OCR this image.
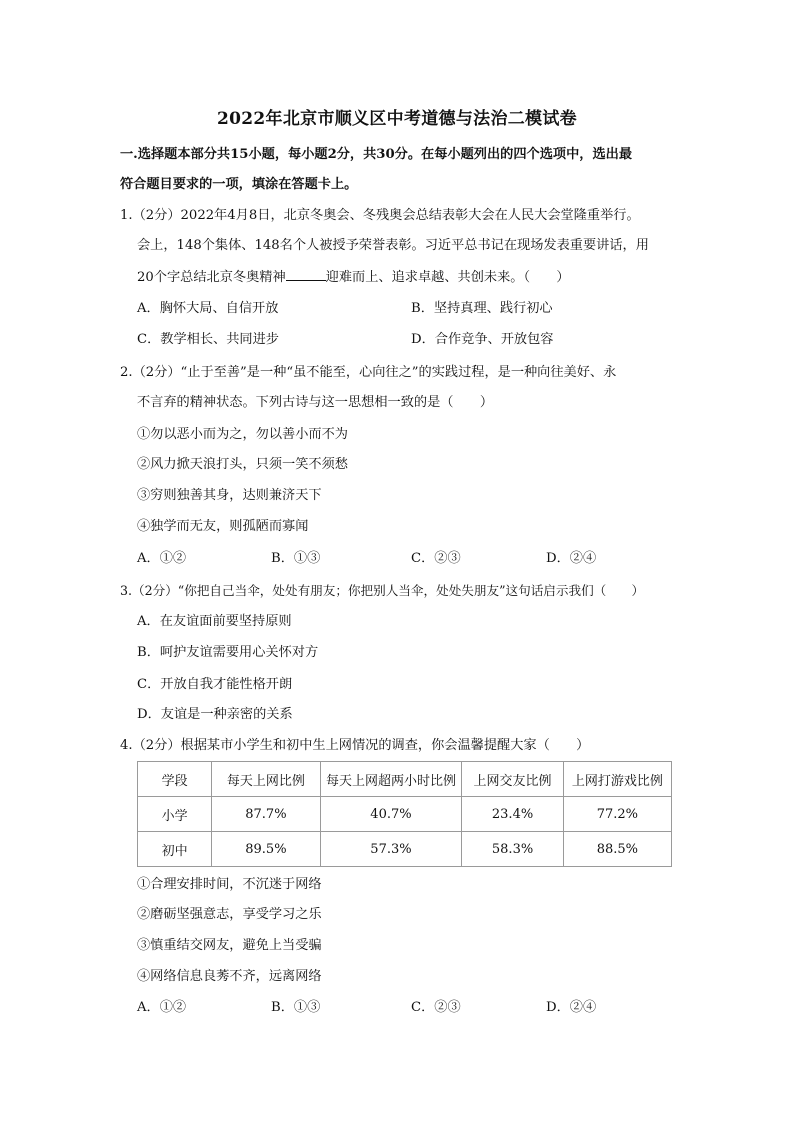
2022年北京市顺义区中考道德与法治二模试卷
一.选择题本部分共15小题，每小题2分，共30分。在每小题列出的四个选项中，选出最
符合题目要求的一项，填涂在答题卡上。
1.（2分）2022年4月8日，北京冬奥会、冬残奥会总结表彰大会在人民大会堂隆重举行。
会上，148个集体、148名个人被授予荣誉表彰。习近平总书记在现场发表重要讲话，用
20个字总结北京冬奥精神	迎难而上、追求卓越、共创未来。（　　）
A．胸怀大局、自信开放	B．坚持真理、践行初心
C．教学相长、共同进步	D．合作竞争、开放包容
2.（2分）“止于至善”是一种“虽不能至，心向往之”的实践过程，是一种向往美好、永
不言弃的精神状态。下列古诗与这一思想相一致的是（　　）
①勿以恶小而为之，勿以善小而不为
②风力掀天浪打头，只须一笑不须愁
③穷则独善其身，达则兼济天下
④独学而无友，则孤陋而寡闻
A．①②	B．①③	C．②③	D．②④
3.（2分）“你把自己当伞，处处有朋友；你把别人当伞，处处失朋友”这句话启示我们（　　）
A．在友谊面前要坚持原则
B．呵护友谊需要用心关怀对方
C．开放自我才能性格开朗
D．友谊是一种亲密的关系
4.（2分）根据某市小学生和初中生上网情况的调查，你会温馨提醒大家（　　）
学段	每天上网比例	每天上网超两小时比例	上网交友比例	上网打游戏比例
小学	87.7%	40.7%	23.4%	77.2%
初中	89.5%	57.3%	58.3%	88.5%
①合理安排时间，不沉迷于网络
②磨砺坚强意志，享受学习之乐
③慎重结交网友，避免上当受骗
④网络信息良莠不齐，远离网络
A．①②	B．①③	C．②③	D．②④
